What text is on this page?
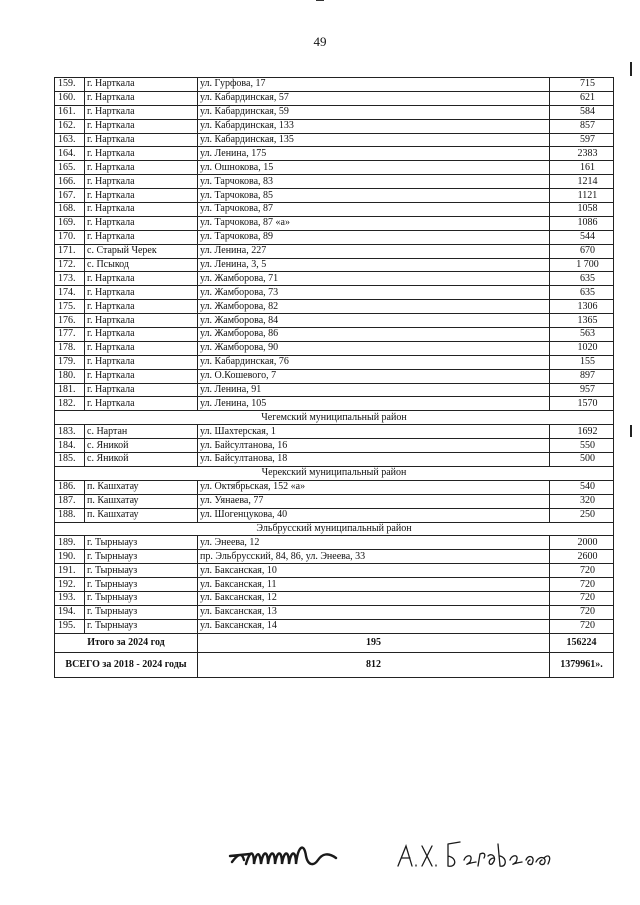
49
159.	г. Нарткала	ул. Гурфова, 17	715
160.	г. Нарткала	ул. Кабардинская, 57	621
161.	г. Нарткала	ул. Кабардинская, 59	584
162.	г. Нарткала	ул. Кабардинская, 133	857
163.	г. Нарткала	ул. Кабардинская, 135	597
164.	г. Нарткала	ул. Ленина, 175	2383
165.	г. Нарткала	ул. Ошнокова, 15	161
166.	г. Нарткала	ул. Тарчокова, 83	1214
167.	г. Нарткала	ул. Тарчокова, 85	1121
168.	г. Нарткала	ул. Тарчокова, 87	1058
169.	г. Нарткала	ул. Тарчокова, 87 «а»	1086
170.	г. Нарткала	ул. Тарчокова, 89	544
171.	с. Старый Черек	ул. Ленина, 227	670
172.	с. Псыкод	ул. Ленина, 3, 5	1 700
173.	г. Нарткала	ул. Жамборова, 71	635
174.	г. Нарткала	ул. Жамборова, 73	635
175.	г. Нарткала	ул. Жамборова, 82	1306
176.	г. Нарткала	ул. Жамборова, 84	1365
177.	г. Нарткала	ул. Жамборова, 86	563
178.	г. Нарткала	ул. Жамборова, 90	1020
179.	г. Нарткала	ул. Кабардинская, 76	155
180.	г. Нарткала	ул. О.Кошевого, 7	897
181.	г. Нарткала	ул. Ленина, 91	957
182.	г. Нарткала	ул. Ленина, 105	1570
Чегемский муниципальный район			
183.	с. Нартан	ул. Шахтерская, 1	1692
184.	с. Яникой	ул. Байсултанова, 16	550
185.	с. Яникой	ул. Байсултанова, 18	500
Черекский муниципальный район			
186.	п. Кашхатау	ул. Октябрьская, 152 «а»	540
187.	п. Кашхатау	ул. Уянаева, 77	320
188.	п. Кашхатау	ул. Шогенцукова, 40	250
Эльбрусский муниципальный район			
189.	г. Тырныауз	ул. Энеева, 12	2000
190.	г. Тырныауз	пр. Эльбрусский, 84, 86, ул. Энеева, 33	2600
191.	г. Тырныауз	ул. Баксанская, 10	720
192.	г. Тырныауз	ул. Баксанская, 11	720
193.	г. Тырныауз	ул. Баксанская, 12	720
194.	г. Тырныауз	ул. Баксанская, 13	720
195.	г. Тырныауз	ул. Баксанская, 14	720
Итого за 2024 год		195	156224
ВСЕГО за 2018 - 2024 годы		812	1379961».
